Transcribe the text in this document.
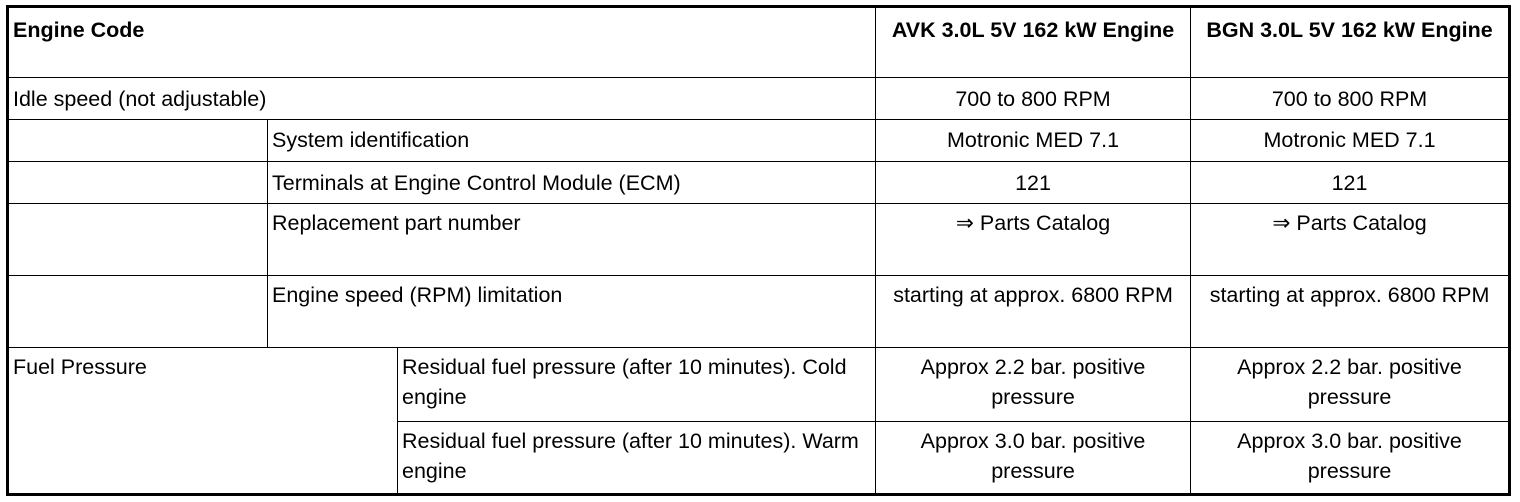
Engine Code			AVK 3.0L 5V 162 kW Engine	BGN 3.0L 5V 162 kW Engine
Idle speed (not adjustable)			700 to 800 RPM	700 to 800 RPM
	System identification		Motronic MED 7.1	Motronic MED 7.1
	Terminals at Engine Control Module (ECM)		121	121
	Replacement part number		⇒ Parts Catalog	⇒ Parts Catalog
	Engine speed (RPM) limitation		starting at approx. 6800 RPM	starting at approx. 6800 RPM
Fuel Pressure		Residual fuel pressure (after 10 minutes). Cold engine	Approx 2.2 bar. positive pressure	Approx 2.2 bar. positive pressure
		Residual fuel pressure (after 10 minutes). Warm engine	Approx 3.0 bar. positive pressure	Approx 3.0 bar. positive pressure
